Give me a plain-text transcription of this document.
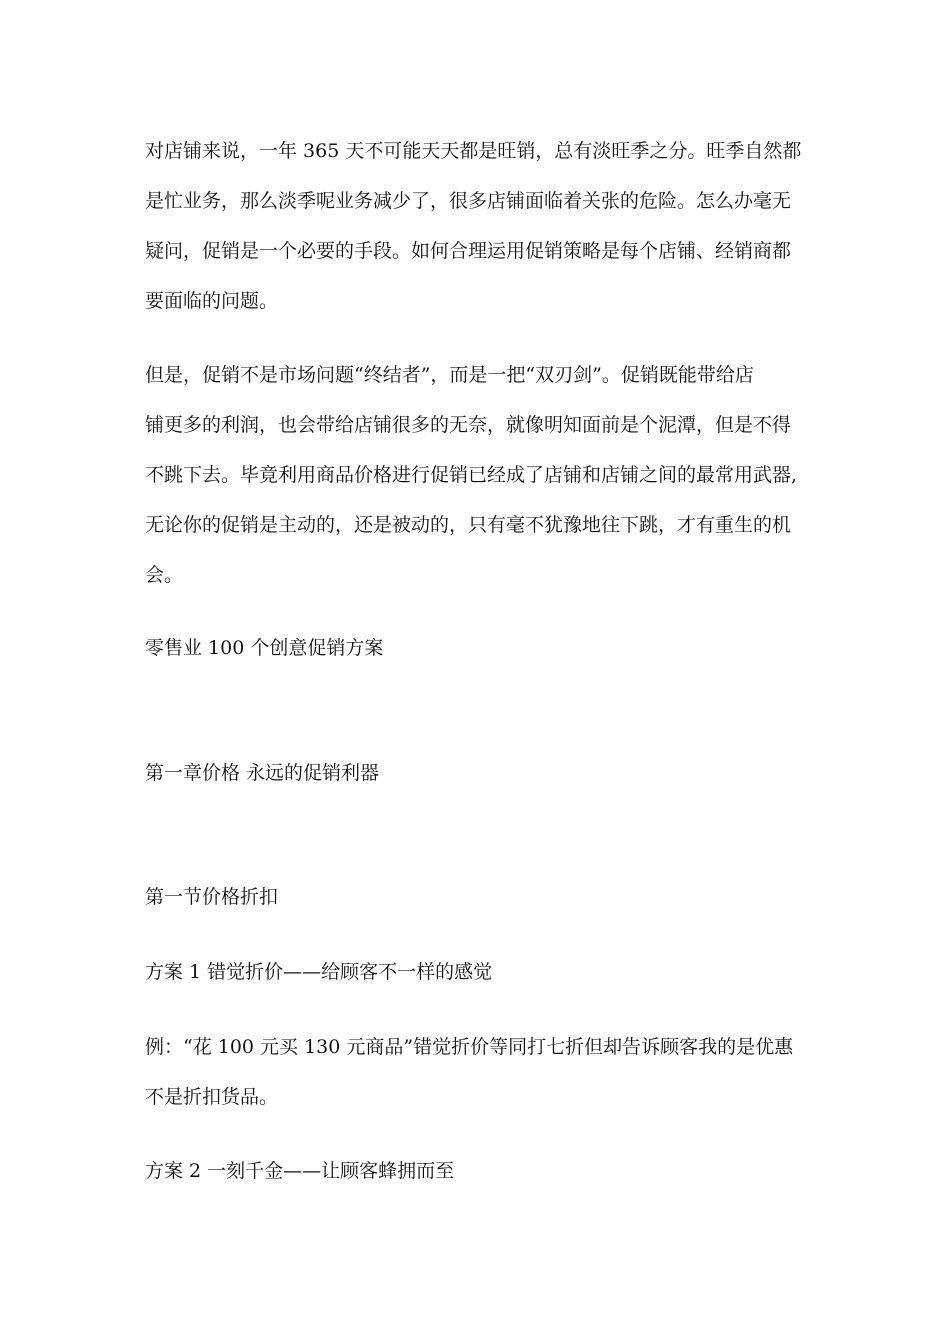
对店铺来说，一年 365 天不可能天天都是旺销，总有淡旺季之分。旺季自然都
是忙业务，那么淡季呢业务减少了，很多店铺面临着关张的危险。怎么办毫无
疑问，促销是一个必要的手段。如何合理运用促销策略是每个店铺、经销商都
要面临的问题。
但是，促销不是市场问题“终结者”，而是一把“双刃剑”。促销既能带给店
铺更多的利润，也会带给店铺很多的无奈，就像明知面前是个泥潭，但是不得
不跳下去。毕竟利用商品价格进行促销已经成了店铺和店铺之间的最常用武器,
无论你的促销是主动的，还是被动的，只有毫不犹豫地往下跳，才有重生的机
会。
零售业 100 个创意促销方案
第一章价格 永远的促销利器
第一节价格折扣
方案 1 错觉折价——给顾客不一样的感觉
例：“花 100 元买 130 元商品”错觉折价等同打七折但却告诉顾客我的是优惠
不是折扣货品。
方案 2 一刻千金——让顾客蜂拥而至
